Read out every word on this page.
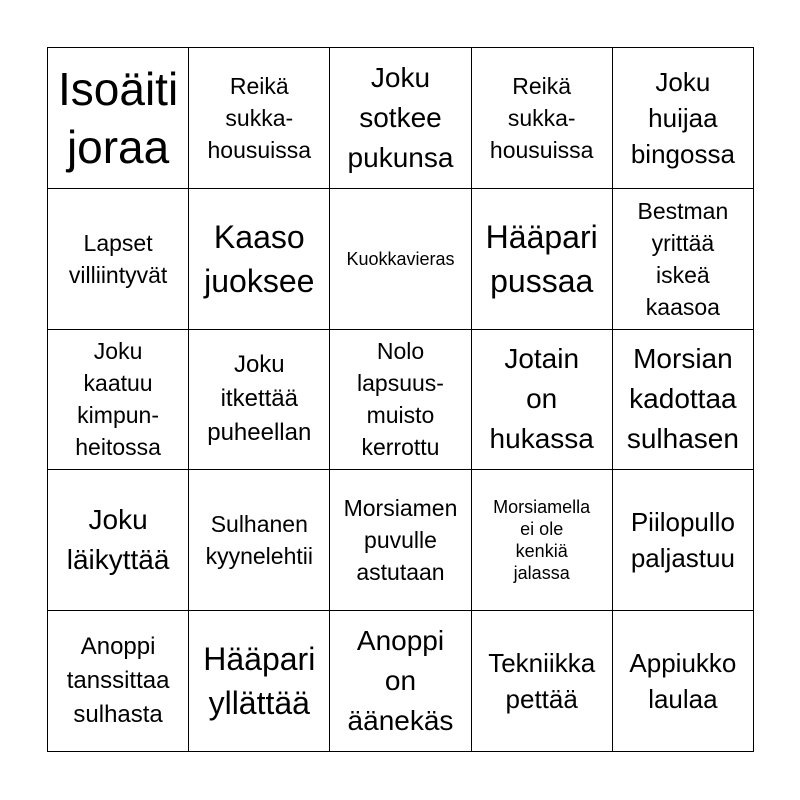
Isoäiti
joraa
Reikä
sukka-
housuissa
Joku
sotkee
pukunsa
Reikä
sukka-
housuissa
Joku
huijaa
bingossa
Lapset
villiintyvät
Kaaso
juoksee
Kuokkavieras
Hääpari
pussaa
Bestman
yrittää
iskeä
kaasoa
Joku
kaatuu
kimpun-
heitossa
Joku
itkettää
puheellan
Nolo
lapsuus-
muisto
kerrottu
Jotain
on
hukassa
Morsian
kadottaa
sulhasen
Joku
läikyttää
Sulhanen
kyynelehtii
Morsiamen
puvulle
astutaan
Morsiamella
ei ole
kenkiä
jalassa
Piilopullo
paljastuu
Anoppi
tanssittaa
sulhasta
Hääpari
yllättää
Anoppi
on
äänekäs
Tekniikka
pettää
Appiukko
laulaa
